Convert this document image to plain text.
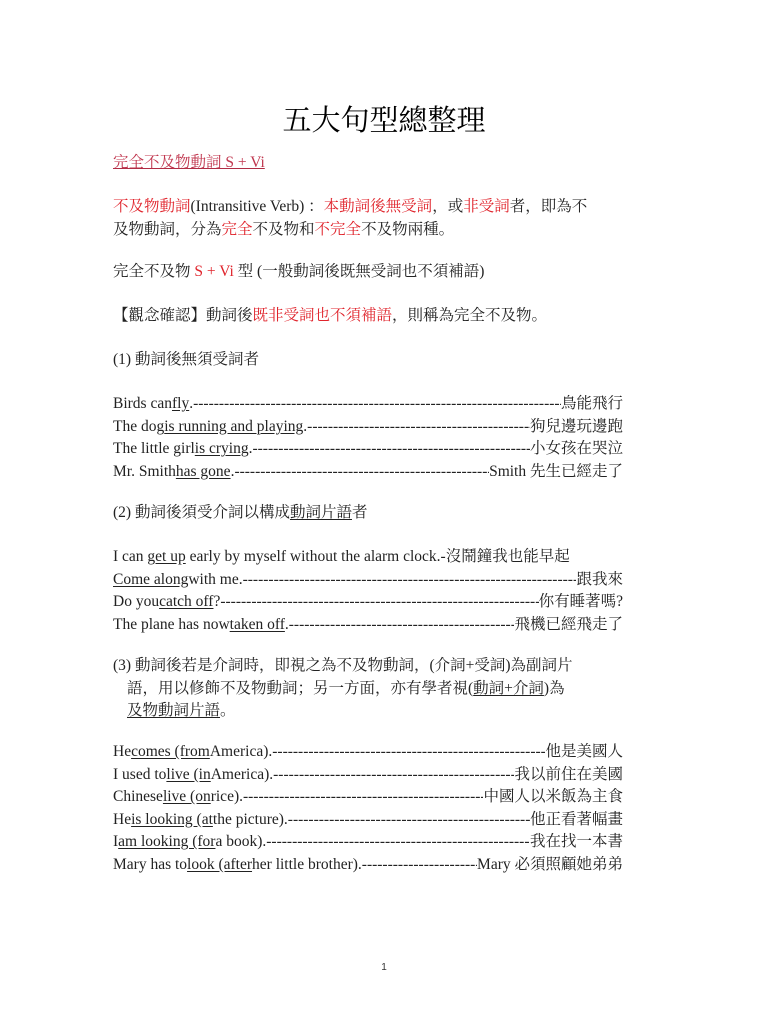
五大句型總整理
完全不及物動詞 S + Vi
不及物動詞(Intransitive Verb) ：本動詞後無受詞，或非受詞者，即為不
及物動詞，分為完全不及物和不完全不及物兩種。
完全不及物 S + Vi 型 (一般動詞後既無受詞也不須補語)
【觀念確認】動詞後既非受詞也不須補語，則稱為完全不及物。
(1) 動詞後無須受詞者
Birds can fly . -----	鳥能飛行
The dog is running and playing . -----	狗兒邊玩邊跑
The little girl is crying . -----	小女孩在哭泣
Mr. Smith has gone . -----	Smith 先生已經走了
(2) 動詞後須受介詞以構成動詞片語者
I can get up early by myself without the alarm clock.-沒鬧鐘我也能早起
Come along with me. -----	跟我來
Do you catch off ? -----	你有睡著嗎?
The plane has now taken off . -----	飛機已經飛走了
(3) 動詞後若是介詞時，即視之為不及物動詞，(介詞+受詞)為副詞片
語，用以修飾不及物動詞；另一方面，亦有學者視(動詞+介詞)為
及物動詞片語。
He comes (from America). -----	他是美國人
I used to live (in America). -----	我以前住在美國
Chinese live (on rice). -----	中國人以米飯為主食
He is looking (at the picture). -----	他正看著幅畫
I am looking (for a book). -----	我在找一本書
Mary has to look (after her little brother). -----	Mary 必須照顧她弟弟
1
